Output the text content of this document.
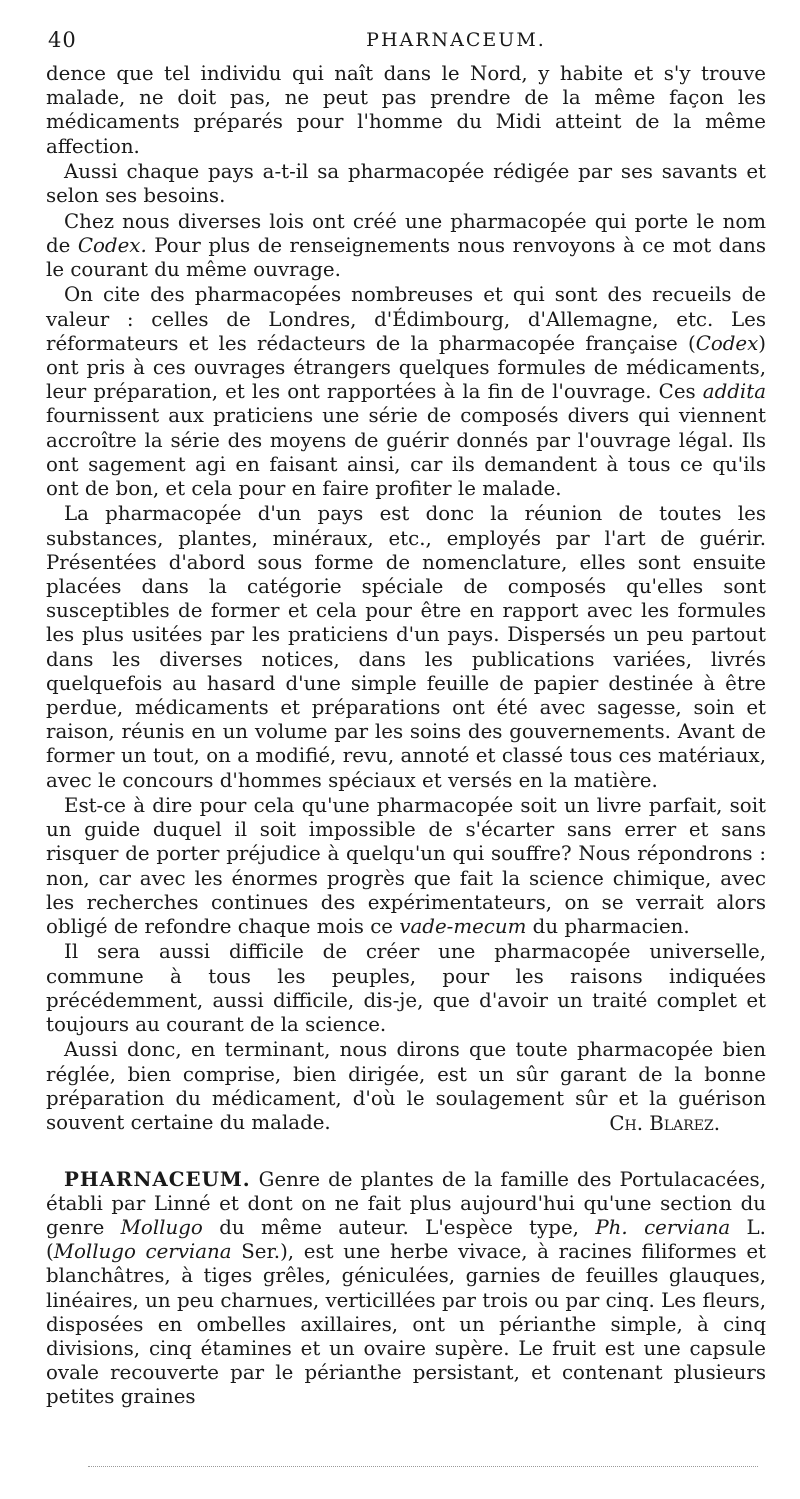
40	PHARNACEUM.

dence que tel individu qui naît dans le Nord, y habite et s'y trouve malade, ne doit pas, ne peut pas prendre de la même façon les médicaments préparés pour l'homme du Midi atteint de la même affection.

Aussi chaque pays a-t-il sa pharmacopée rédigée par ses savants et selon ses besoins.

Chez nous diverses lois ont créé une pharmacopée qui porte le nom de Codex. Pour plus de renseignements nous renvoyons à ce mot dans le courant du même ouvrage.

On cite des pharmacopées nombreuses et qui sont des recueils de valeur : celles de Londres, d'Édimbourg, d'Allemagne, etc. Les réformateurs et les rédacteurs de la pharmacopée française (Codex) ont pris à ces ouvrages étrangers quelques formules de médicaments, leur préparation, et les ont rapportées à la fin de l'ouvrage. Ces addita fournissent aux praticiens une série de composés divers qui viennent accroître la série des moyens de guérir donnés par l'ouvrage légal. Ils ont sagement agi en faisant ainsi, car ils demandent à tous ce qu'ils ont de bon, et cela pour en faire profiter le malade.

La pharmacopée d'un pays est donc la réunion de toutes les substances, plantes, minéraux, etc., employés par l'art de guérir. Présentées d'abord sous forme de nomenclature, elles sont ensuite placées dans la catégorie spéciale de composés qu'elles sont susceptibles de former et cela pour être en rapport avec les formules les plus usitées par les praticiens d'un pays. Dispersés un peu partout dans les diverses notices, dans les publications variées, livrés quelquefois au hasard d'une simple feuille de papier destinée à être perdue, médicaments et préparations ont été avec sagesse, soin et raison, réunis en un volume par les soins des gouvernements. Avant de former un tout, on a modifié, revu, annoté et classé tous ces matériaux, avec le concours d'hommes spéciaux et versés en la matière.

Est-ce à dire pour cela qu'une pharmacopée soit un livre parfait, soit un guide duquel il soit impossible de s'écarter sans errer et sans risquer de porter préjudice à quelqu'un qui souffre? Nous répondrons : non, car avec les énormes progrès que fait la science chimique, avec les recherches continues des expérimentateurs, on se verrait alors obligé de refondre chaque mois ce vade-mecum du pharmacien.

Il sera aussi difficile de créer une pharmacopée universelle, commune à tous les peuples, pour les raisons indiquées précédemment, aussi difficile, dis-je, que d'avoir un traité complet et toujours au courant de la science.

Aussi donc, en terminant, nous dirons que toute pharmacopée bien réglée, bien comprise, bien dirigée, est un sûr garant de la bonne préparation du médicament, d'où le soulagement sûr et la guérison souvent certaine du malade.	Ch. Blarez.

PHARNACEUM. Genre de plantes de la famille des Portulacacées, établi par Linné et dont on ne fait plus aujourd'hui qu'une section du genre Mollugo du même auteur. L'espèce type, Ph. cerviana L. (Mollugo cerviana Ser.), est une herbe vivace, à racines filiformes et blanchâtres, à tiges grêles, géniculées, garnies de feuilles glauques, linéaires, un peu charnues, verticillées par trois ou par cinq. Les fleurs, disposées en ombelles axillaires, ont un périanthe simple, à cinq divisions, cinq étamines et un ovaire supère. Le fruit est une capsule ovale recouverte par le périanthe persistant, et contenant plusieurs petites graines
